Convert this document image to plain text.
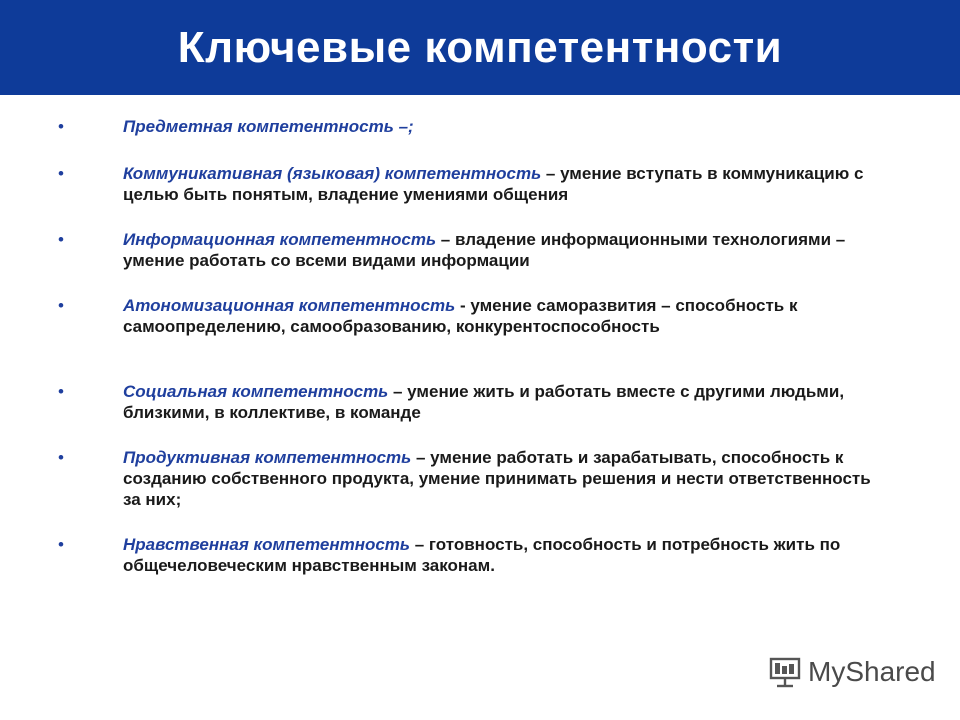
Ключевые компетентности
•	Предметная компетентность –;

•	Коммуникативная (языковая) компетентность – умение вступать в коммуникацию с целью быть понятым, владение умениями общения

•	Информационная компетентность – владение информационными технологиями – умение работать со всеми видами информации

•	Атономизационная компетентность - умение саморазвития – способность к самоопределению, самообразованию, конкурентоспособность

•	Социальная компетентность – умение жить и работать вместе с другими людьми, близкими, в коллективе, в команде

•	Продуктивная компетентность – умение работать и зарабатывать, способность к созданию собственного продукта, умение принимать решения и нести ответственность за них;

•	Нравственная компетентность – готовность, способность и потребность жить по общечеловеческим нравственным законам.

MyShared
